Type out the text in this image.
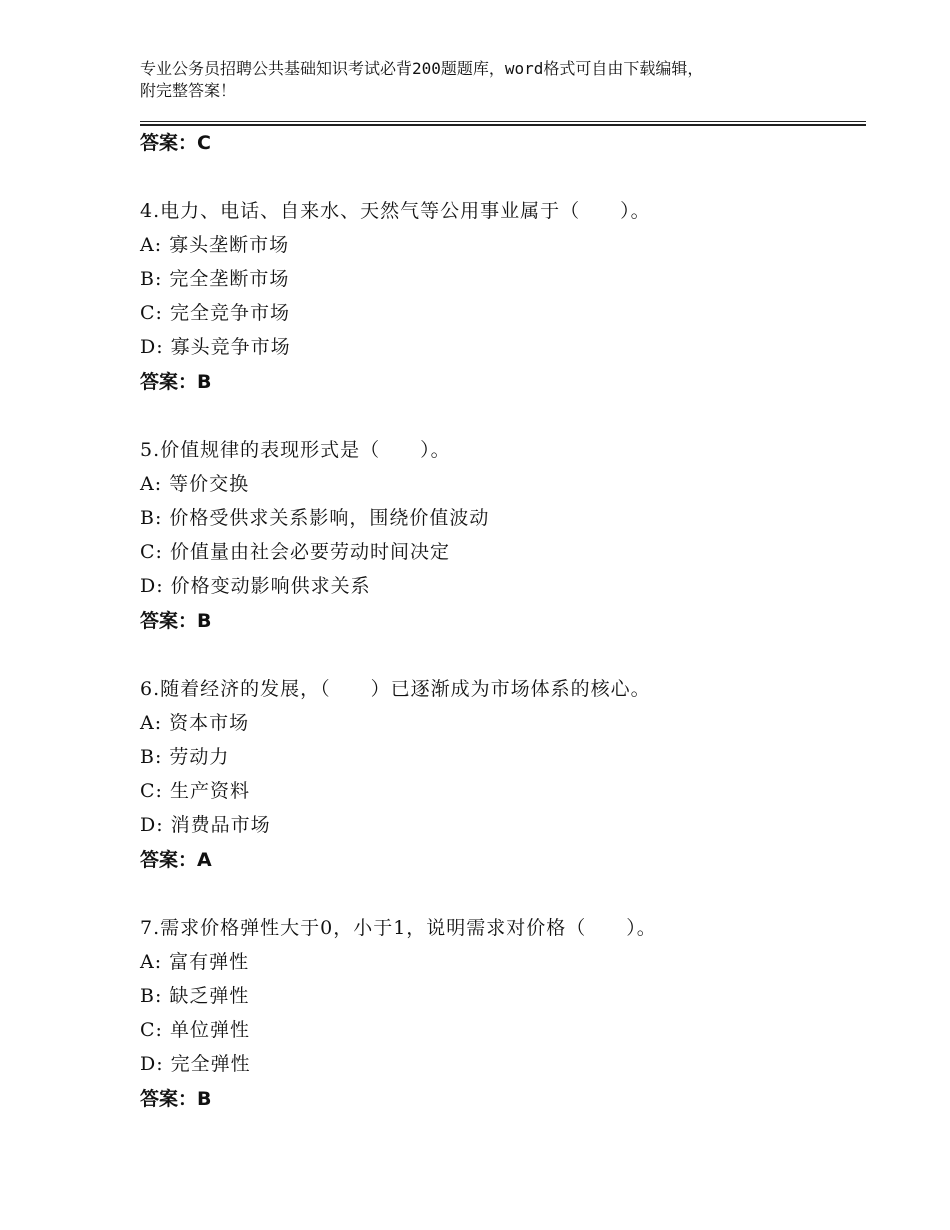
专业公务员招聘公共基础知识考试必背200题题库，word格式可自由下载编辑，
附完整答案！
答案：C
4.电力、电话、自来水、天然气等公用事业属于（　　）。
A: 寡头垄断市场
B: 完全垄断市场
C: 完全竞争市场
D: 寡头竞争市场
答案：B
5.价值规律的表现形式是（　　）。
A: 等价交换
B: 价格受供求关系影响，围绕价值波动
C: 价值量由社会必要劳动时间决定
D: 价格变动影响供求关系
答案：B
6.随着经济的发展，（　　）已逐渐成为市场体系的核心。
A: 资本市场
B: 劳动力
C: 生产资料
D: 消费品市场
答案：A
7.需求价格弹性大于0，小于1，说明需求对价格（　　）。
A: 富有弹性
B: 缺乏弹性
C: 单位弹性
D: 完全弹性
答案：B
